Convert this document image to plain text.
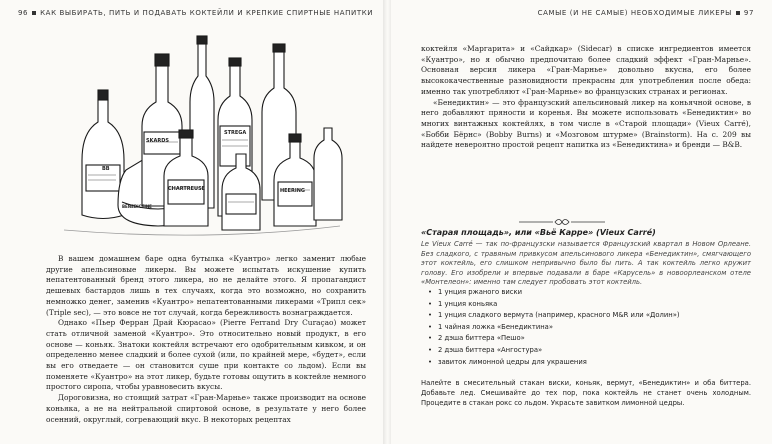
96 КАК ВЫБИРАТЬ, ПИТЬ И ПОДАВАТЬ КОКТЕЙЛИ И КРЕПКИЕ СПИРТНЫЕ НАПИТКИ	САМЫЕ (И НЕ САМЫЕ) НЕОБХОДИМЫЕ ЛИКЕРЫ 97
BB
SKARDS
STREGA
CHARTREUSE	HEERING
BENEDICTINE

В вашем домашнем баре одна бутылка «Куантро» легко заменит любые другие апельсиновые ликеры. Вы можете испытать искушение купить непатентованный бренд этого ликера, но не делайте этого. Я пропагандист дешевых бастардов лишь в тех случаях, когда это возможно, но сохранить немножко денег, заменив «Куантро» непатентованными ликерами «Трипл сек» (Triple sec), — это вовсе не тот случай, когда бережливость вознаграждается.

Однако «Пьер Ферран Драй Кюрасао» (Pierre Ferrand Dry Curaçao) может стать отличной заменой «Куантро». Это относительно новый продукт, в его основе — коньяк. Знатоки коктейля встречают его одобрительным кивком, и он определенно менее сладкий и более сухой (или, по крайней мере, «будет», если вы его отведаете — он становится суше при контакте со льдом). Если вы поменяете «Куантро» на этот ликер, будьте готовы ощутить в коктейле немного простого сиропа, чтобы уравновесить вкусы.

Дороговизна, но стоящий затрат «Гран-Марнье» также производит на основе коньяка, а не на нейтральной спиртовой основе, в результате у него более осенний, округлый, согревающий вкус. В некоторых рецептах

коктейля «Маргарита» и «Сайдкар» (Sidecar) в списке ингредиентов имеется «Куантро», но я обычно предпочитаю более сладкий эффект «Гран-Марнье». Основная версия ликера «Гран-Марнье» довольно вкусна, его более высококачественные разновидности прекрасны для употребления после обеда: именно так употребляют «Гран-Марнье» во французских странах и регионах.

«Бенедиктин» — это французский апельсиновый ликер на коньячной основе, в него добавляют пряности и коренья. Вы можете использовать «Бенедиктин» во многих винтажных коктейлях, в том числе в «Старой площади» (Vieux Carré), «Бобби Бёрнс» (Bobby Burns) и «Мозговом штурме» (Brainstorm). На с. 209 вы найдете невероятно простой рецепт напитка из «Бенедиктина» и бренди — B&B.

«Старая площадь», или «Вьё Карре» (Vieux Carré)
Le Vieux Carré — так по-французски называется Французский квартал в Новом Орлеане. Без сладкого, с травяным привкусом апельсинового ликера «Бенедиктин», смягчающего этот коктейль, его слишком непривычно было бы пить. А так коктейль легко кружит голову. Его изобрели и впервые подавали в баре «Карусель» в новоорлеанском отеле «Монтелеон»: именно там следует пробовать этот коктейль.
• 1 унция ржаного виски
• 1 унция коньяка
• 1 унция сладкого вермута (например, красного M&R или «Долин»)
• 1 чайная ложка «Бенедиктина»
• 2 дэша биттера «Пешо»
• 2 дэша биттера «Ангостура»
• завиток лимонной цедры для украшения
Налейте в смесительный стакан виски, коньяк, вермут, «Бенедиктин» и оба биттера. Добавьте лед. Смешивайте до тех пор, пока коктейль не станет очень холодным. Процедите в стакан рокс со льдом. Украсьте завитком лимонной цедры.
